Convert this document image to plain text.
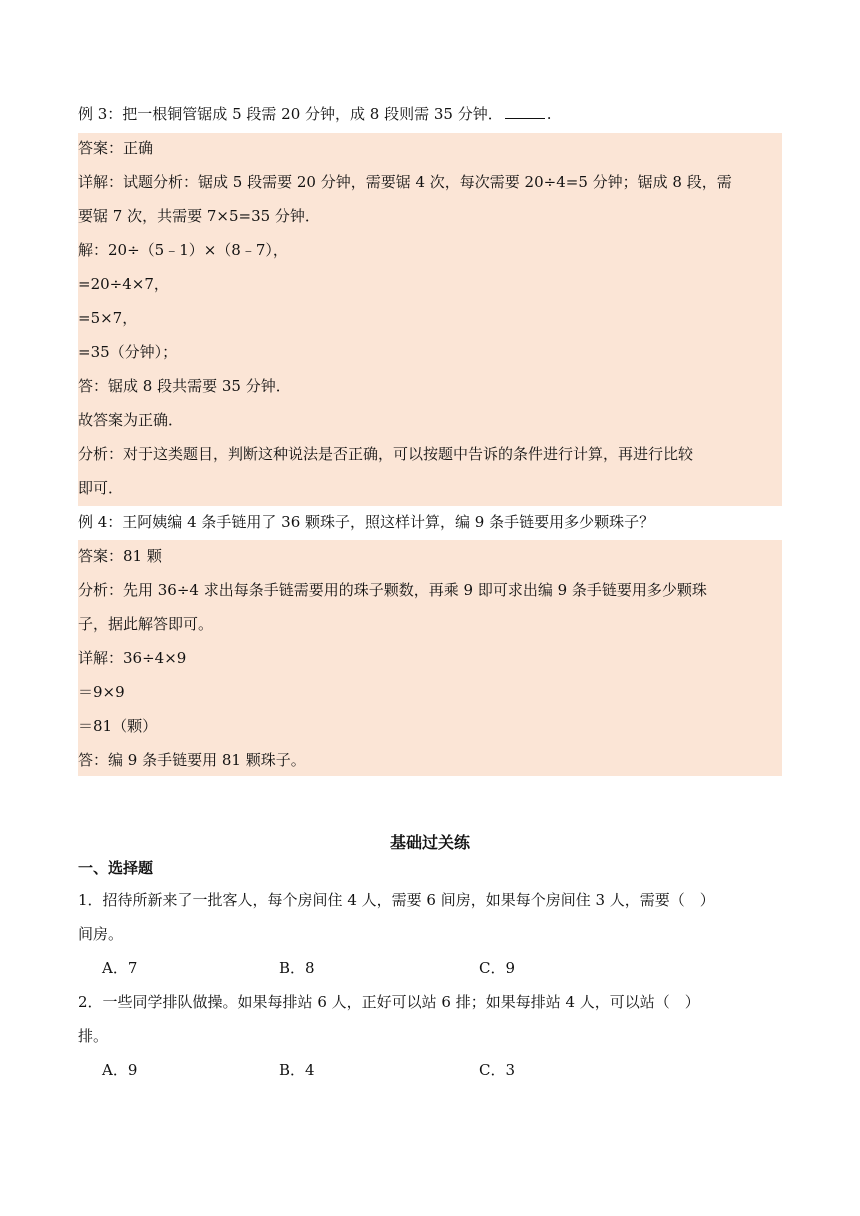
例 3：把一根铜管锯成 5 段需 20 分钟，成 8 段则需 35 分钟．	.
答案：正确
详解：试题分析：锯成 5 段需要 20 分钟，需要锯 4 次，每次需要 20÷4=5 分钟；锯成 8 段，需
要锯 7 次，共需要 7×5=35 分钟．
解：20÷（5﹣1）×（8﹣7），
=20÷4×7，
=5×7，
=35（分钟）；
答：锯成 8 段共需要 35 分钟．
故答案为正确．
分析：对于这类题目，判断这种说法是否正确，可以按题中告诉的条件进行计算，再进行比较
即可．
例 4：王阿姨编 4 条手链用了 36 颗珠子，照这样计算，编 9 条手链要用多少颗珠子？
答案：81 颗
分析：先用 36÷4 求出每条手链需要用的珠子颗数，再乘 9 即可求出编 9 条手链要用多少颗珠
子，据此解答即可。
详解：36÷4×9
＝9×9
＝81（颗）
答：编 9 条手链要用 81 颗珠子。
基础过关练
一、选择题
1．招待所新来了一批客人，每个房间住 4 人，需要 6 间房，如果每个房间住 3 人，需要（　）
间房。
A．7	B．8	C．9
2．一些同学排队做操。如果每排站 6 人，正好可以站 6 排；如果每排站 4 人，可以站（　）
排。
A．9	B．4	C．3
